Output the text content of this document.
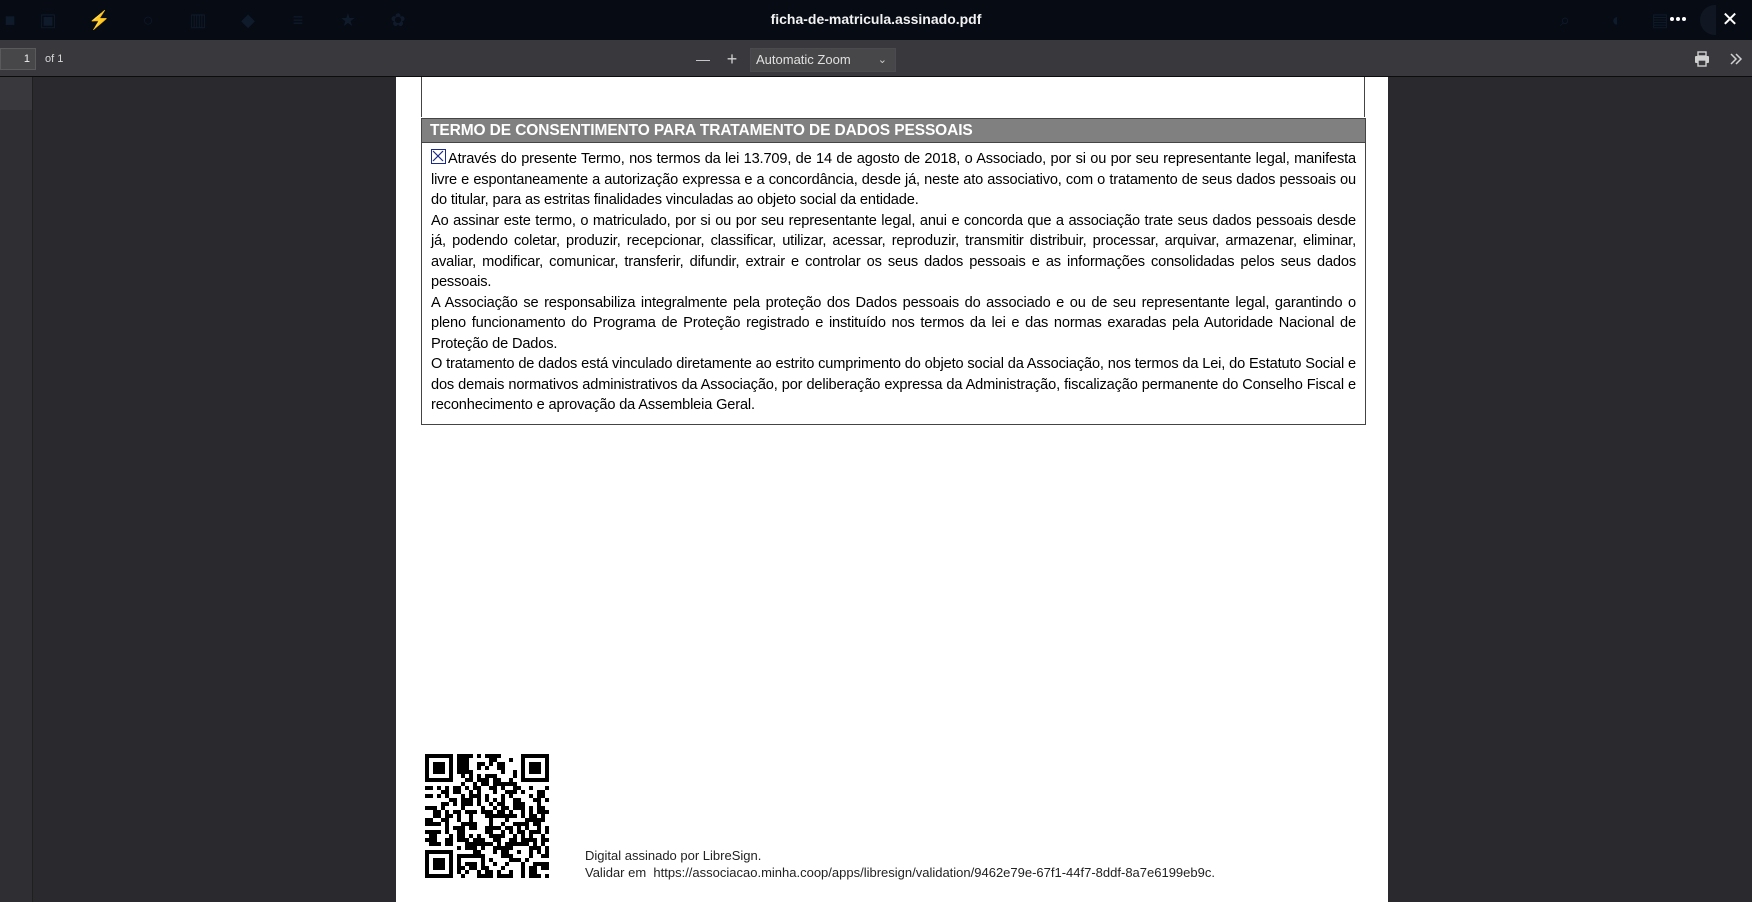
■ ▣ ⚡ ○ ▥ ◆ ≡ ★ ✿	⌕ ◖ ▤
ficha-de-matricula.assinado.pdf	✕
1
of 1	— +	Automatic Zoom ⌄
TERMO DE CONSENTIMENTO PARA TRATAMENTO DE DADOS PESSOAIS

Através do presente Termo, nos termos da lei 13.709, de 14 de agosto de 2018, o Associado, por si ou por seu representante legal, manifesta livre e espontaneamente a autorização expressa e a concordância, desde já, neste ato associativo, com o tratamento de seus dados pessoais ou do titular, para as estritas finalidades vinculadas ao objeto social da entidade.

Ao assinar este termo, o matriculado, por si ou por seu representante legal, anui e concorda que a associação trate seus dados pessoais desde já, podendo coletar, produzir, recepcionar, classificar, utilizar, acessar, reproduzir, transmitir distribuir, processar, arquivar, armazenar, eliminar, avaliar, modificar, comunicar, transferir, difundir, extrair e controlar os seus dados pessoais e as informações consolidadas pelos seus dados pessoais.

A Associação se responsabiliza integralmente pela proteção dos Dados pessoais do associado e ou de seu representante legal, garantindo o pleno funcionamento do Programa de Proteção registrado e instituído nos termos da lei e das normas exaradas pela Autoridade Nacional de Proteção de Dados.

O tratamento de dados está vinculado diretamente ao estrito cumprimento do objeto social da Associação, nos termos da Lei, do Estatuto Social e dos demais normativos administrativos da Associação, por deliberação expressa da Administração, fiscalização permanente do Conselho Fiscal e reconhecimento e aprovação da Assembleia Geral.

Digital assinado por LibreSign.
Validar em  https://associacao.minha.coop/apps/libresign/validation/9462e79e-67f1-44f7-8ddf-8a7e6199eb9c.
